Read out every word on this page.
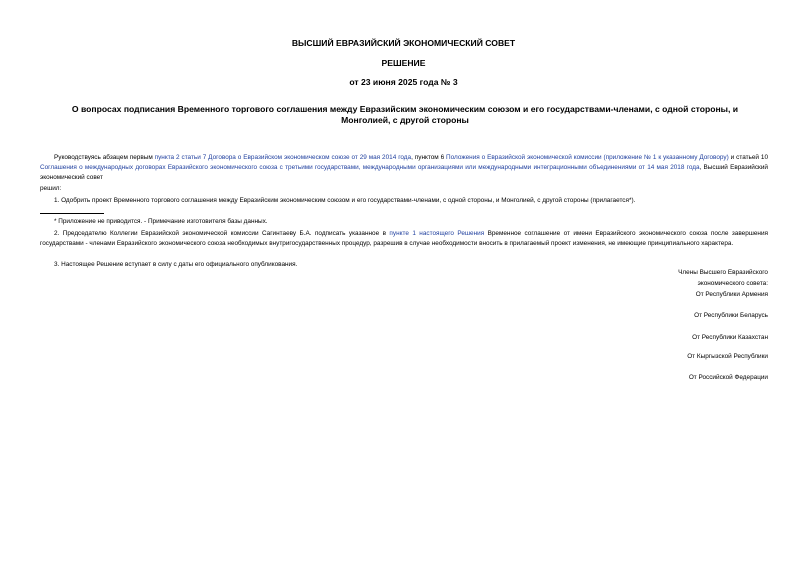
ВЫСШИЙ ЕВРАЗИЙСКИЙ ЭКОНОМИЧЕСКИЙ СОВЕТ

РЕШЕНИЕ

от 23 июня 2025 года № 3

О вопросах подписания Временного торгового соглашения между Евразийским экономическим союзом и его государствами-членами, с одной стороны, и Монголией, с другой стороны

Руководствуясь абзацем первым пункта 2 статьи 7 Договора о Евразийском экономическом союзе от 29 мая 2014 года, пунктом 6 Положения о Евразийской экономической комиссии (приложение № 1 к указанному Договору) и статьей 10 Соглашения о международных договорах Евразийского экономического союза с третьими государствами, международными организациями или международными интеграционными объединениями от 14 мая 2018 года, Высший Евразийский экономический совет

решил:

1. Одобрить проект Временного торгового соглашения между Евразийским экономическим союзом и его государствами-членами, с одной стороны, и Монголией, с другой стороны (прилагается*).

* Приложение не приводится. - Примечание изготовителя базы данных.

2. Председателю Коллегии Евразийской экономической комиссии Сагинтаеву Б.А. подписать указанное в пункте 1 настоящего Решения Временное соглашение от имени Евразийского экономического союза после завершения государствами - членами Евразийского экономического союза необходимых внутригосударственных процедур, разрешив в случае необходимости вносить в прилагаемый проект изменения, не имеющие принципиального характера.

3. Настоящее Решение вступает в силу с даты его официального опубликования.

Члены Высшего Евразийского
экономического совета:
От Республики Армения
От Республики Беларусь
От Республики Казахстан
От Кыргызской Республики
От Российской Федерации
